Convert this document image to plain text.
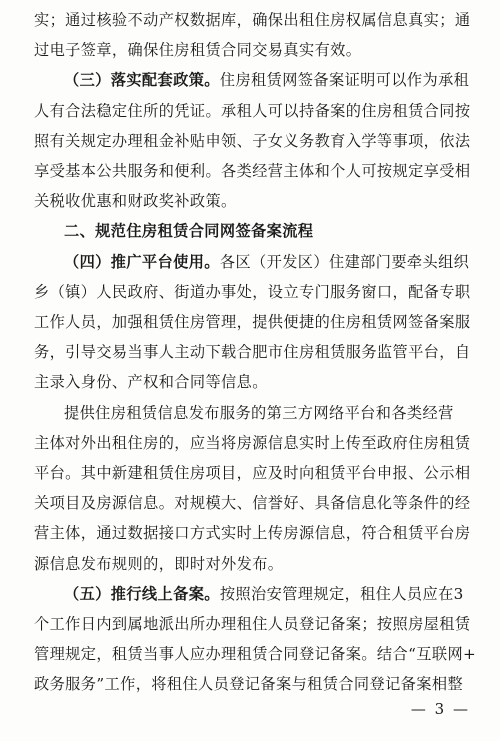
实；通过核验不动产权数据库，确保出租住房权属信息真实；通
过电子签章，确保住房租赁合同交易真实有效。
（三）落实配套政策。住房租赁网签备案证明可以作为承租
人有合法稳定住所的凭证。承租人可以持备案的住房租赁合同按
照有关规定办理租金补贴申领、子女义务教育入学等事项，依法
享受基本公共服务和便利。各类经营主体和个人可按规定享受相
关税收优惠和财政奖补政策。
二、规范住房租赁合同网签备案流程
（四）推广平台使用。各区（开发区）住建部门要牵头组织
乡（镇）人民政府、街道办事处，设立专门服务窗口，配备专职
工作人员，加强租赁住房管理，提供便捷的住房租赁网签备案服
务，引导交易当事人主动下载合肥市住房租赁服务监管平台，自
主录入身份、产权和合同等信息。
提供住房租赁信息发布服务的第三方网络平台和各类经营
主体对外出租住房的，应当将房源信息实时上传至政府住房租赁
平台。其中新建租赁住房项目，应及时向租赁平台申报、公示相
关项目及房源信息。对规模大、信誉好、具备信息化等条件的经
营主体，通过数据接口方式实时上传房源信息，符合租赁平台房
源信息发布规则的，即时对外发布。
（五）推行线上备案。按照治安管理规定，租住人员应在3
个工作日内到属地派出所办理租住人员登记备案；按照房屋租赁
管理规定，租赁当事人应办理租赁合同登记备案。结合“互联网+
政务服务”工作，将租住人员登记备案与租赁合同登记备案相整
— 3 —
